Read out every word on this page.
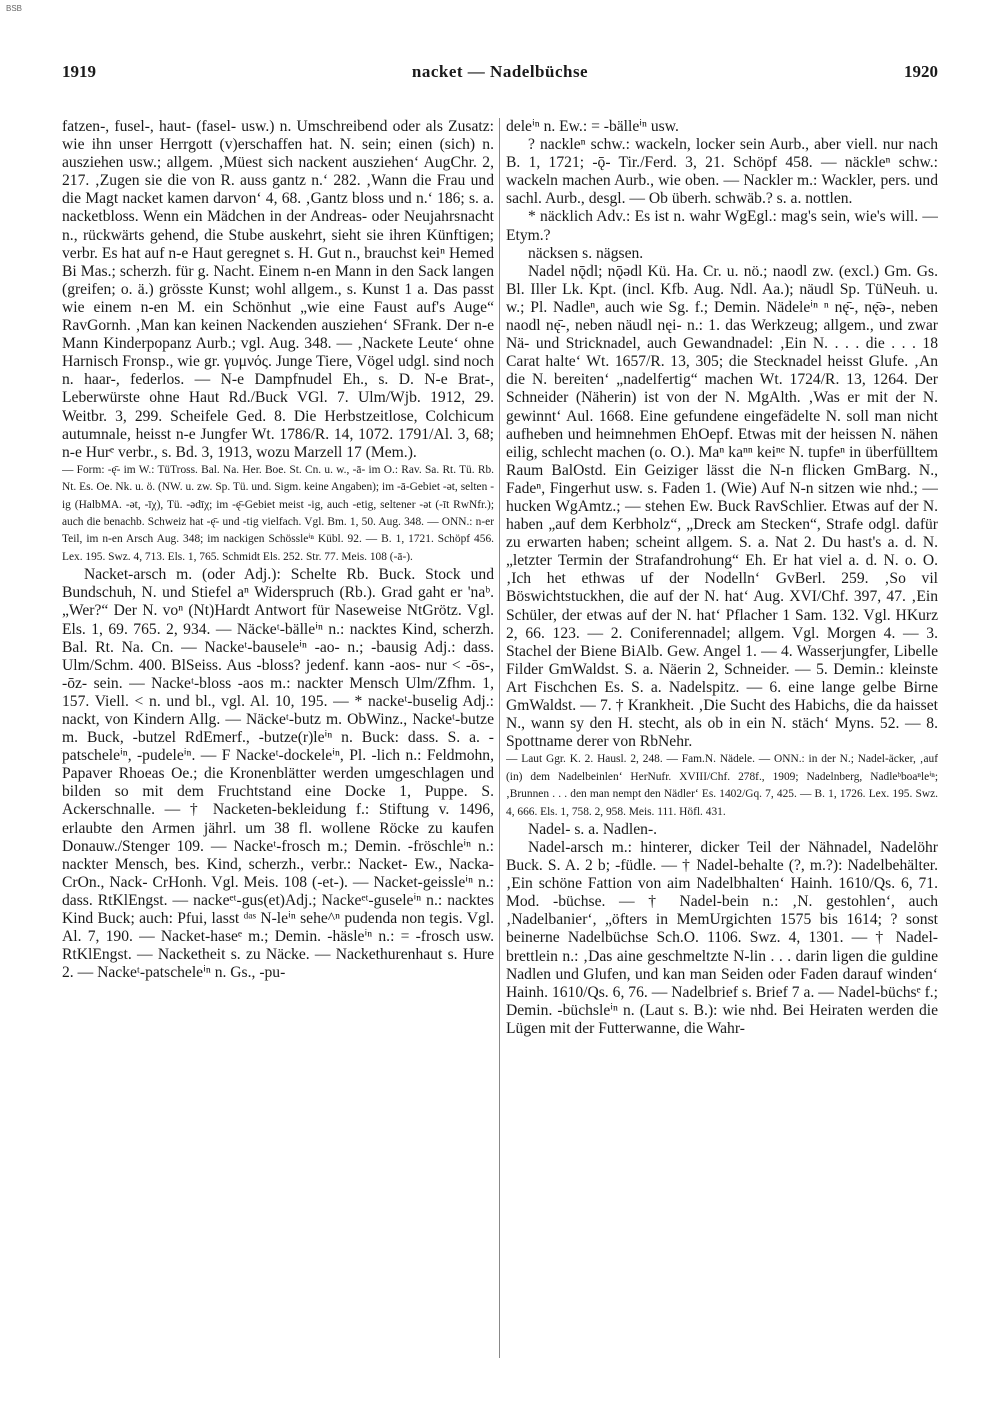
BSB
1919	nacket — Nadelbüchse	1920

fatzen-, fusel-, haut- (fasel- usw.) n. Umschreibend oder als Zusatz: wie ihn unser Herrgott (v)erschaffen hat. N. sein; einen (sich) n. ausziehen usw.; allgem. ‚Müest sich nackent ausziehen‘ AugChr. 2, 217. ‚Zugen sie die von R. auss gantz n.‘ 282. ‚Wann die Frau und die Magt nacket kamen darvon‘ 4, 68. ‚Gantz bloss und n.‘ 186; s. a. nacketbloss. Wenn ein Mädchen in der Andreas- oder Neujahrsnacht n., rückwärts gehend, die Stube auskehrt, sieht sie ihren Künftigen; verbr. Es hat auf n-e Haut geregnet s. H. Gut n., brauchst keiⁿ Hemed Bi Mas.; scherzh. für g. Nacht. Einem n-en Mann in den Sack langen (greifen; o. ä.) grösste Kunst; wohl allgem., s. Kunst 1 a. Das passt wie einem n-en M. ein Schönhut „wie eine Faust auf's Auge“ RavGornh. ‚Man kan keinen Nackenden ausziehen‘ SFrank. Der n-e Mann Kinderpopanz Aurb.; vgl. Aug. 348. — ‚Nackete Leute‘ ohne Harnisch Fronsp., wie gr. γυμνός. Junge Tiere, Vögel udgl. sind noch n. haar-, federlos. — N-e Dampfnudel Eh., s. D. N-e Brat-, Leberwürste ohne Haut Rd./Buck VGl. 7. Ulm/Wjb. 1912, 29. Weitbr. 3, 299. Scheifele Ged. 8. Die Herbstzeitlose, Colchicum autumnale, heisst n-e Jungfer Wt. 1786/R. 14, 1072. 1791/Al. 3, 68; n-e Hurᵉ verbr., s. Bd. 3, 1913, wozu Marzell 17 (Mem.).

— Form: -ę̄- im W.: TüTross. Bal. Na. Her. Boe. St. Cn. u. w., -ā- im O.: Rav. Sa. Rt. Tü. Rb. Nt. Es. Oe. Nk. u. ö. (NW. u. zw. Sp. Tü. und. Sigm. keine Angaben); im -ā-Gebiet -ət, selten -ig (HalbMA. -ət, -īχ), Tü. -ədīχ; im -ę̄-Gebiet meist -ig, auch -etig, seltener -ət (-īt RwNfr.); auch die benachb. Schweiz hat -ę̄- und -tig vielfach. Vgl. Bm. 1, 50. Aug. 348. — ONN.: n-er Teil, im n-en Arsch Aug. 348; im nackigen Schössleⁱⁿ Kübl. 92. — B. 1, 1721. Schöpf 456. Lex. 195. Swz. 4, 713. Els. 1, 765. Schmidt Els. 252. Str. 77. Meis. 108 (-ā-).

Nacket-arsch m. (oder Adj.): Schelte Rb. Buck. Stock und Bundschuh, N. und Stiefel aⁿ Widerspruch (Rb.). Grad gaht er 'naᵇ. „Wer?“ Der N. voⁿ (Nt)Hardt Antwort für Naseweise NtGrötz. Vgl. Els. 1, 69. 765. 2, 934. — Näckeᵗ-bälleⁱⁿ n.: nacktes Kind, scherzh. Bal. Rt. Na. Cn. — Nackeᵗ-bauseleⁱⁿ -ao- n.; -bausig Adj.: dass. Ulm/Schm. 400. BlSeiss. Aus -bloss? jedenf. kann -aos- nur < -ōs-, -ōz- sein. — Nackeᵗ-bloss -aos m.: nackter Mensch Ulm/Zfhm. 1, 157. Viell. < n. und bl., vgl. Al. 10, 195. — * nackeᵗ-buselig Adj.: nackt, von Kindern Allg. — Näckeᵗ-butz m. ObWinz., Nackeᵗ-butze m. Buck, -butzel RdEmerf., -butze(r)leⁱⁿ n. Buck: dass. S. a. -patscheleⁱⁿ, -pudeleⁱⁿ. — F Nackeᵗ-dockeleⁱⁿ, Pl. -lich n.: Feldmohn, Papaver Rhoeas Oe.; die Kronenblätter werden umgeschlagen und bilden so mit dem Fruchtstand eine Docke 1, Puppe. S. Ackerschnalle. — † Nacketen-bekleidung f.: Stiftung v. 1496, erlaubte den Armen jährl. um 38 fl. wollene Röcke zu kaufen Donauw./Stenger 109. — Nackeᵗ-frosch m.; Demin. -fröschleⁱⁿ n.: nackter Mensch, bes. Kind, scherzh., verbr.: Nacket- Ew., Nacka- CrOn., Nack- CrHonh. Vgl. Meis. 108 (-et-). — Nacket-geissleⁱⁿ n.: dass. RtKlEngst. — nackeᵉᵗ-gus(et)Adj.; Nackeᵉᵗ-guseleⁱⁿ n.: nacktes Kind Buck; auch: Pfui, lasst ᵈᵃˢ N-leⁱⁿ sehe^ⁿ pudenda non tegis. Vgl. Al. 7, 190. — Nacket-haseᵉ m.; Demin. -häsleⁱⁿ n.: = -frosch usw. RtKlEngst. — Nacketheit s. zu Näcke. — Nackethurenhaut s. Hure 2. — Nackeᵗ-patscheleⁱⁿ n. Gs., -pu-

deleⁱⁿ n. Ew.: = -bälleⁱⁿ usw.

? nackleⁿ schw.: wackeln, locker sein Aurb., aber viell. nur nach B. 1, 1721; -ǭ- Tir./Ferd. 3, 21. Schöpf 458. — näckleⁿ schw.: wackeln machen Aurb., wie oben. — Nackler m.: Wackler, pers. und sachl. Aurb., desgl. — Ob überh. schwäb.? s. a. nottlen.

* näcklich Adv.: Es ist n. wahr WgEgl.: mag's sein, wie's will. — Etym.?

näcksen s. nägsen.

Nadel nǭdl; nǭədl Kü. Ha. Cr. u. nö.; naodl zw. (excl.) Gm. Gs. Bl. Iller Lk. Kpt. (incl. Kfb. Aug. Ndl. Aa.); näudl Sp. TüNeuh. u. w.; Pl. Nadleⁿ, auch wie Sg. f.; Demin. Nädeleⁱⁿ ⁿ nę̄-, nę̄ə-, neben naodl nę̄-, neben näudl nęi- n.: 1. das Werkzeug; allgem., und zwar Nä- und Stricknadel, auch Gewandnadel: ‚Ein N. . . . die . . . 18 Carat halte‘ Wt. 1657/R. 13, 305; die Stecknadel heisst Glufe. ‚An die N. bereiten‘ „nadelfertig“ machen Wt. 1724/R. 13, 1264. Der Schneider (Näherin) ist von der N. MgAlth. ‚Was er mit der N. gewinnt‘ Aul. 1668. Eine gefundene eingefädelte N. soll man nicht aufheben und heimnehmen EhOepf. Etwas mit der heissen N. nähen eilig, schlecht machen (o. O.). Maⁿ kaⁿⁿ keiⁿᵉ N. tupfeⁿ in überfülltem Raum BalOstd. Ein Geiziger lässt die N-n flicken GmBarg. N., Fadeⁿ, Fingerhut usw. s. Faden 1. (Wie) Auf N-n sitzen wie nhd.; — hucken WgAmtz.; — stehen Ew. Buck RavSchlier. Etwas auf der N. haben „auf dem Kerbholz“, „Dreck am Stecken“, Strafe odgl. dafür zu erwarten haben; scheint allgem. S. a. Nat 2. Du hast's a. d. N. „letzter Termin der Strafandrohung“ Eh. Er hat viel a. d. N. o. O. ‚Ich het ethwas uf der Nodelln‘ GvBerl. 259. ‚So vil Böswichtstuckhen, die auf der N. hat‘ Aug. XVI/Chf. 397, 47. ‚Ein Schüler, der etwas auf der N. hat‘ Pflacher 1 Sam. 132. Vgl. HKurz 2, 66. 123. — 2. Coniferennadel; allgem. Vgl. Morgen 4. — 3. Stachel der Biene BiAlb. Gew. Angel 1. — 4. Wasserjungfer, Libelle Filder GmWaldst. S. a. Näerin 2, Schneider. — 5. Demin.: kleinste Art Fischchen Es. S. a. Nadelspitz. — 6. eine lange gelbe Birne GmWaldst. — 7. † Krankheit. ‚Die Sucht des Habichs, die da haisset N., wann sy den H. stecht, als ob in ein N. stäch‘ Myns. 52. — 8. Spottname derer von RbNehr.

— Laut Ggr. K. 2. Hausl. 2, 248. — Fam.N. Nädele. — ONN.: in der N.; Nadel-äcker, ‚auf (in) dem Nadelbeinlen‘ HerNufr. XVIII/Chf. 278f., 1909; Nadelnberg, Nadleᵇboaⁿleⁱⁿ; ‚Brunnen . . . den man nempt den Nädler‘ Es. 1402/Gq. 7, 425. — B. 1, 1726. Lex. 195. Swz. 4, 666. Els. 1, 758. 2, 958. Meis. 111. Höfl. 431.

Nadel- s. a. Nadlen-.

Nadel-arsch m.: hinterer, dicker Teil der Nähnadel, Nadelöhr Buck. S. A. 2 b; -füdle. — † Nadel-behalte (?, m.?): Nadelbehälter. ‚Ein schöne Fattion von aim Nadelbhalten‘ Hainh. 1610/Qs. 6, 71. Mod. -büchse. — † Nadel-bein n.: ‚N. gestohlen‘, auch ‚Nadelbanier‘, „öfters in MemUrgichten 1575 bis 1614; ? sonst beinerne Nadelbüchse Sch.O. 1106. Swz. 4, 1301. — † Nadel-brettlein n.: ‚Das aine geschmeltzte N-lin . . . darin ligen die guldine Nadlen und Glufen, und kan man Seiden oder Faden darauf winden‘ Hainh. 1610/Qs. 6, 76. — Nadelbrief s. Brief 7 a. — Nadel-büchsᵉ f.; Demin. -büchsleⁱⁿ n. (Laut s. B.): wie nhd. Bei Heiraten werden die Lügen mit der Futterwanne, die Wahr-
